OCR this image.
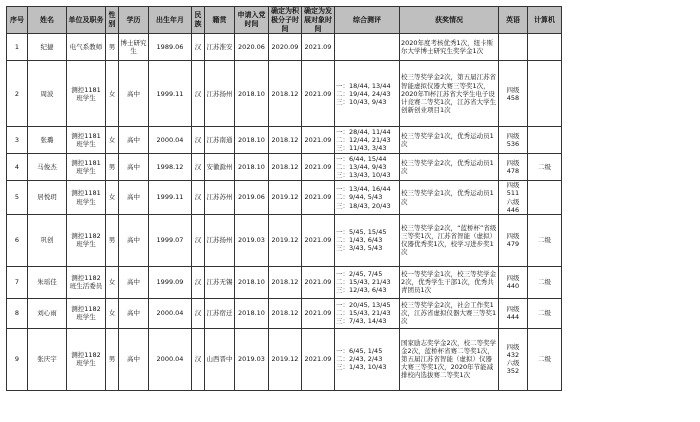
序号	姓名	单位及职务	性别	学历	出生年月	民族	籍贯	申请入党时间	确定为积极分子时间	确定为发展对象时间	综合测评	获奖情况	英语	计算机
1	纪捷	电气系教师	男	博士研究生	1989.06	汉	江苏淮安	2020.06	2020.09	2021.09		2020年度考核优秀1次，纽卡斯尔大学博士研究生奖学金1次		
2	周波	测控1181班学生	女	高中	1999.11	汉	江苏扬州	2018.10	2018.12	2021.09	一：18/44, 13/44
二：19/44, 24/43
三：10/43, 9/43	校三等奖学金2次，第五届江苏省智能虚拟仪器大赛三等奖1次，2020年TI杯江苏省大学生电子设计竞赛二等奖1次，江苏省大学生创新创业项目1次	四级
458	
3	张璐	测控1181班学生	女	高中	2000.04	汉	江苏南通	2018.10	2018.12	2021.09	一：28/44, 11/44
二：12/44, 21/43
三：11/43, 3/43	校三等奖学金1次，优秀运动员1次	四级
536	
4	马俊杰	测控1181班学生	男	高中	1998.12	汉	安徽滁州	2018.10	2018.12	2021.09	一：6/44, 15/44
二：13/44, 9/43
三：13/43, 10/43	校三等奖学金2次，优秀运动员1次	四级
478	二级
5	居悦玥	测控1181班学生	女	高中	1999.11	汉	江苏苏州	2019.06	2019.12	2021.09	一：13/44, 16/44
二：9/44, 5/43
三：18/43, 20/43	校三等奖学金1次，优秀运动员1次	四级
511
六级
446	
6	巩创	测控1182班学生	男	高中	1999.07	汉	江苏扬州	2019.03	2019.12	2021.09	一：5/45, 15/45
二：1/43, 6/43
三：3/43, 5/43	校三等奖学金2次，“蓝桥杯”省级三等奖1次，江苏省智能（虚拟）仪器优秀奖1次，校学习进步奖1次	四级
479	二级
7	朱瑶佳	测控1182班生活委员	女	高中	1999.09	汉	江苏无锡	2018.10	2018.12	2021.09	一：2/45, 7/45
二：15/43, 21/43
三：12/43, 6/43	校一等奖学金1次，校三等奖学金2次，优秀学生干部1次，优秀共青团员1次	四级
440	二级
8	刘心雨	测控1182班学生	女	高中	2000.04	汉	江苏宿迁	2018.10	2018.12	2021.09	一：20/45, 13/45
二：15/43, 21/43
三：7/43, 14/43	校三等奖学金2次，社会工作奖1次，江苏省虚拟仪器大赛三等奖1次	四级
444	二级
9	张庆宇	测控1182班学生	男	高中	2000.04	汉	山西晋中	2019.03	2019.12	2021.09	一：6/45, 1/45
二：2/43, 2/43
三：1/43, 10/43	国家励志奖学金2次，校二等奖学金2次，蓝桥杯省赛二等奖1次，第五届江苏省智能（虚拟）仪器大赛三等奖1次，2020年节能减排校内选拔赛二等奖1次	四级
432
六级
352	二级
